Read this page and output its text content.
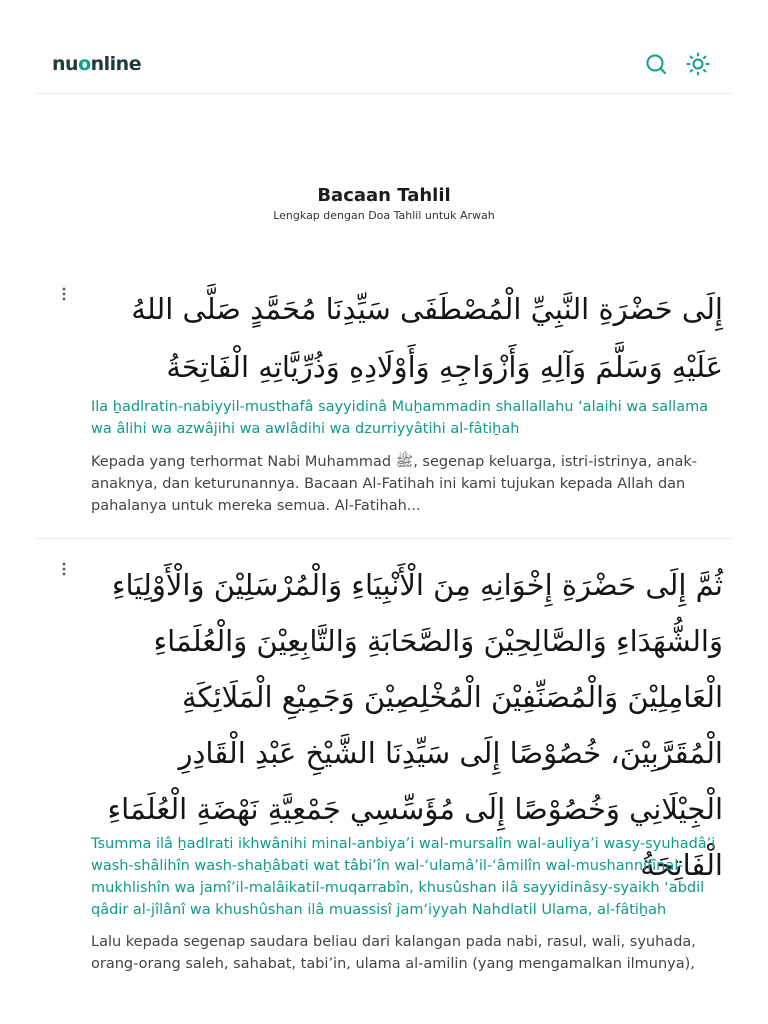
nuonline
Bacaan Tahlil
Lengkap dengan Doa Tahlil untuk Arwah
إِلَى حَضْرَةِ النَّبِيِّ الْمُصْطَفَى سَيِّدِنَا مُحَمَّدٍ صَلَّى اللهُ عَلَيْهِ وَسَلَّمَ وَآلِهِ وَأَزْوَاجِهِ وَأَوْلَادِهِ وَذُرِّيَّاتِهِ الْفَاتِحَةُ
Ila ẖadlratin-nabiyyil-musthafâ sayyidinâ Muẖammadin shallallahu ‘alaihi wa sallama wa âlihi wa azwâjihi wa awlâdihi wa dzurriyyâtihi al-fâtiẖah
Kepada yang terhormat Nabi Muhammad ﷺ, segenap keluarga, istri-istrinya, anak-anaknya, dan keturunannya. Bacaan Al-Fatihah ini kami tujukan kepada Allah dan pahalanya untuk mereka semua. Al-Fatihah...
ثُمَّ إِلَى حَضْرَةِ إِخْوَانِهِ مِنَ الْأَنْبِيَاءِ وَالْمُرْسَلِيْنَ وَالْأَوْلِيَاءِ وَالشُّهَدَاءِ وَالصَّالِحِيْنَ وَالصَّحَابَةِ وَالتَّابِعِيْنَ وَالْعُلَمَاءِ الْعَامِلِيْنَ وَالْمُصَنِّفِيْنَ الْمُخْلِصِيْنَ وَجَمِيْعِ الْمَلَائِكَةِ الْمُقَرَّبِيْنَ، خُصُوْصًا إِلَى سَيِّدِنَا الشَّيْخِ عَبْدِ الْقَادِرِ الْجِيْلَانِي وَخُصُوْصًا إِلَى مُؤَسِّسِي جَمْعِيَّةِ نَهْضَةِ الْعُلَمَاءِ الْفَاتِحَةُ
Tsumma ilâ ẖadlrati ikhwânihi minal-anbiya’i wal-mursalîn wal-auliya’i wasy-syuhadâ’i wash-shâlihîn wash-shaẖâbati wat tâbi’în wal-‘ulamâ’il-‘âmilîn wal-mushannifînal-mukhlishîn wa jamî’il-malâikatil-muqarrabîn, khusûshan ilâ sayyidinâsy-syaikh ‘abdil qâdir al-jîlânî wa khushûshan ilâ muassisî jam‘iyyah Nahdlatil Ulama, al-fâtiẖah
Lalu kepada segenap saudara beliau dari kalangan pada nabi, rasul, wali, syuhada, orang-orang saleh, sahabat, tabi’in, ulama al-amilin (yang mengamalkan ilmunya),
